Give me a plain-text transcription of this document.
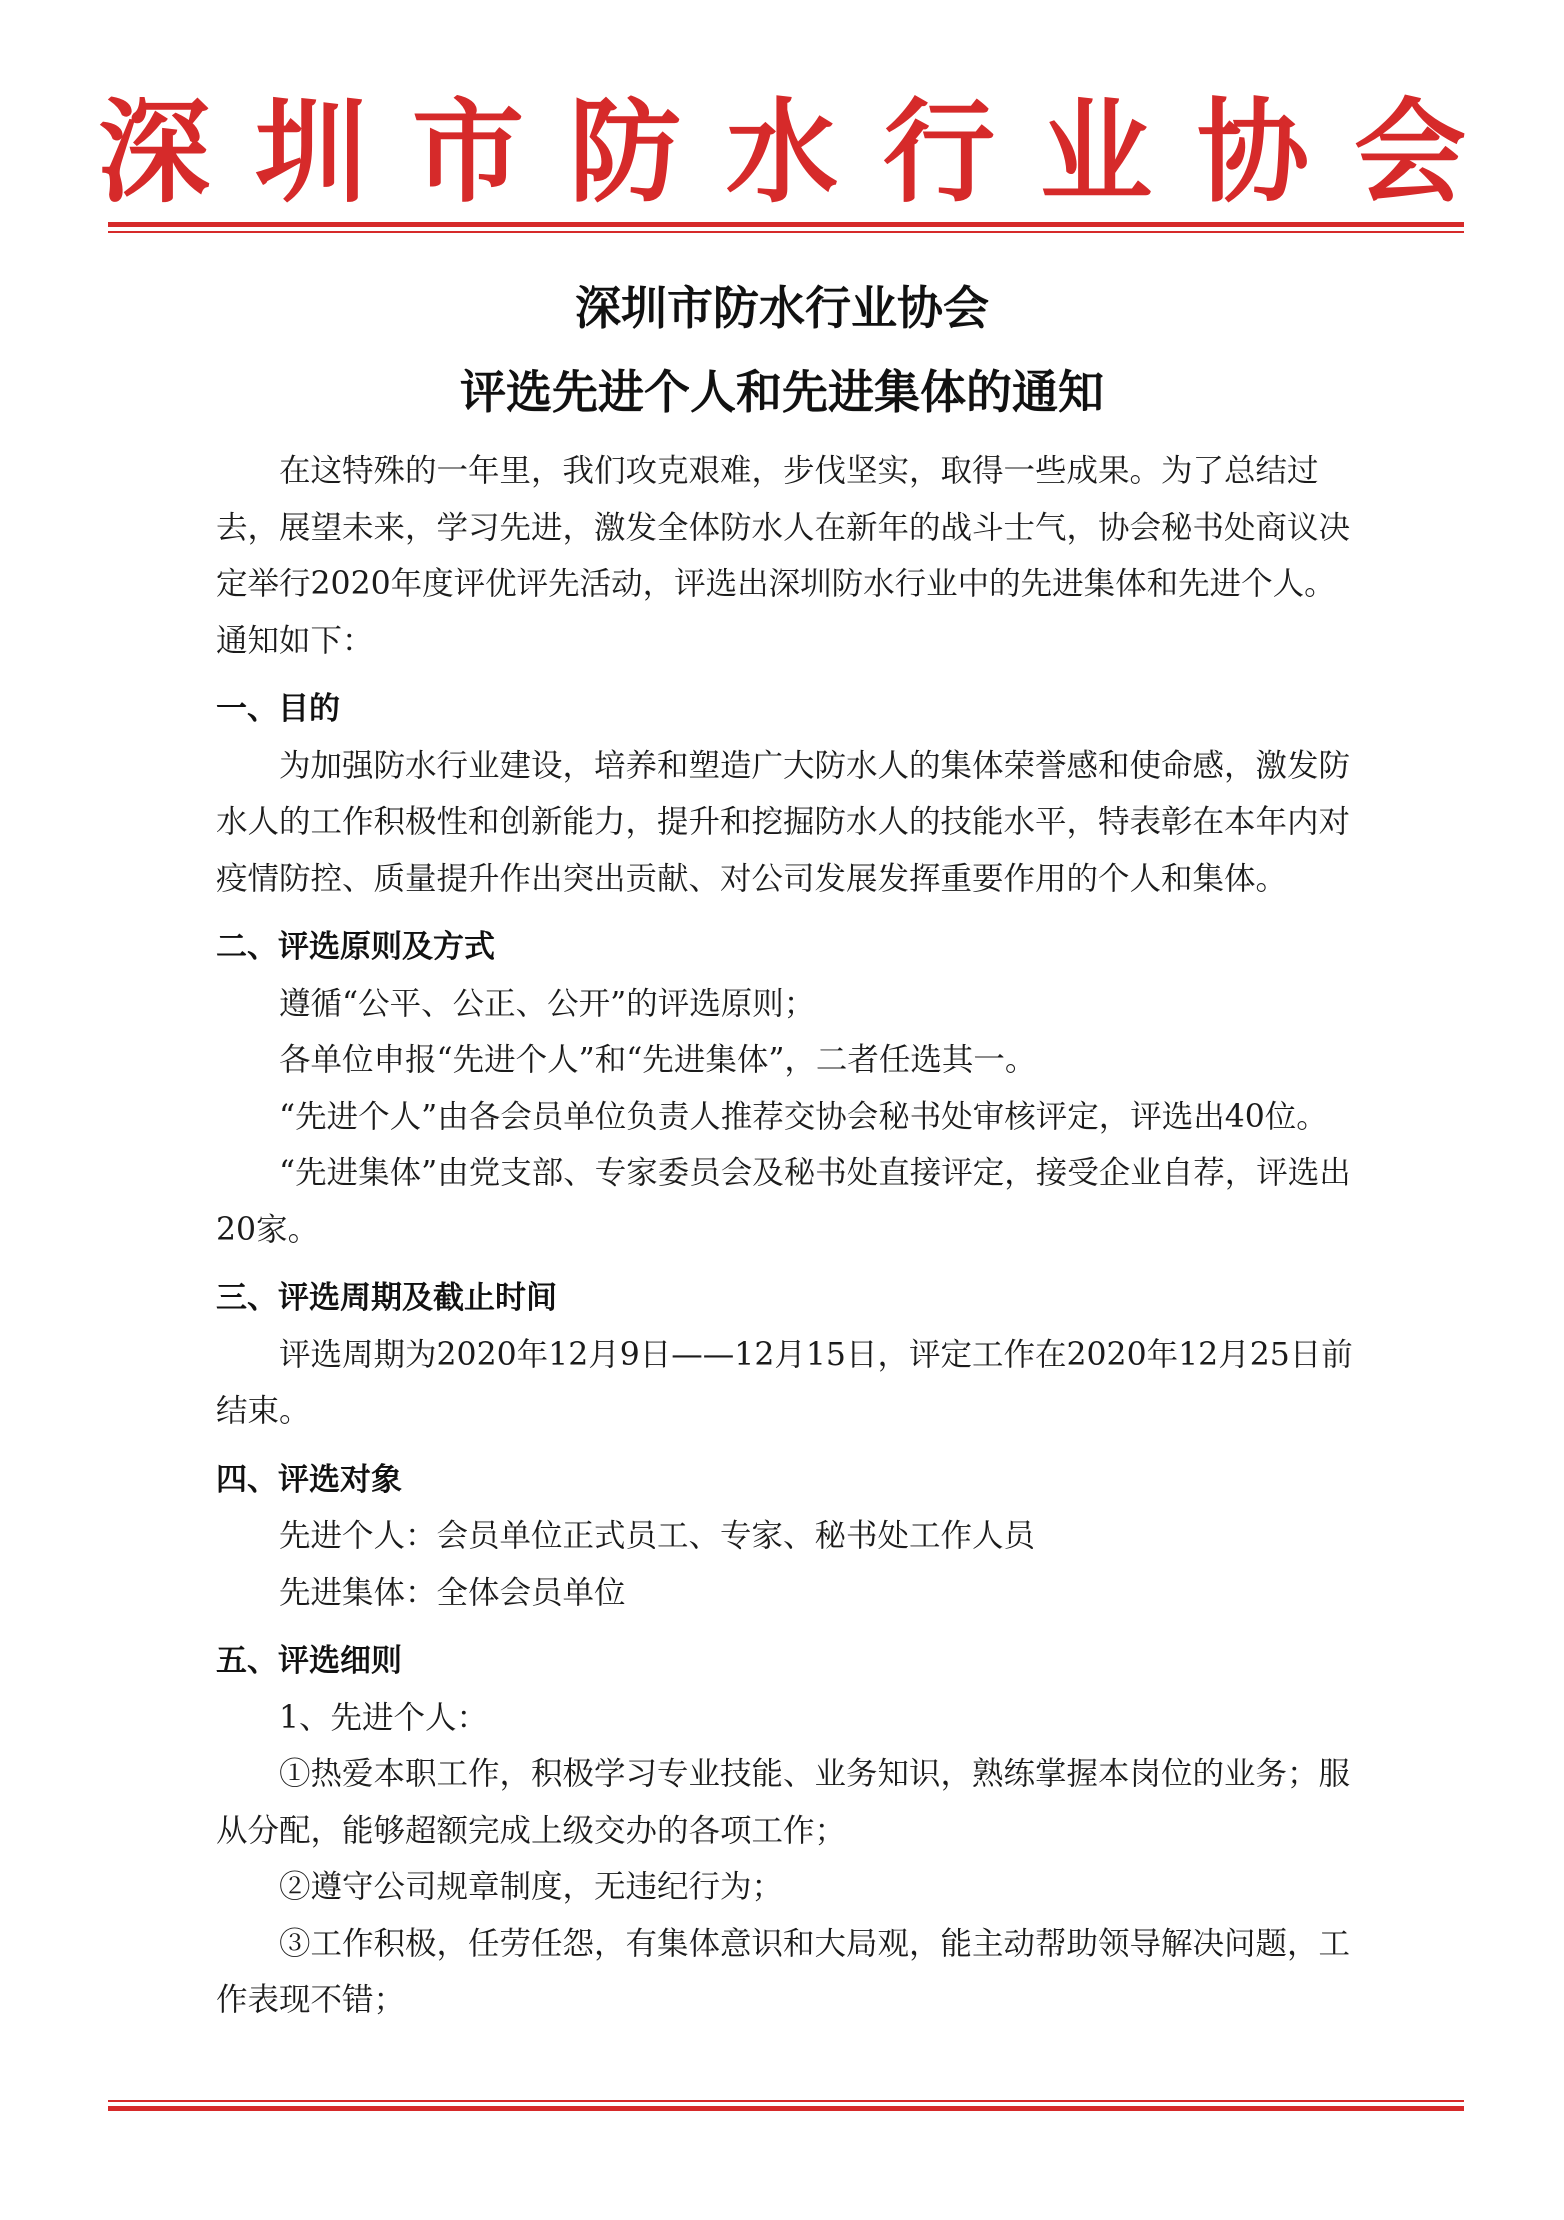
深圳市防水行业协会
深圳市防水行业协会
评选先进个人和先进集体的通知

在这特殊的一年里，我们攻克艰难，步伐坚实，取得一些成果。为了总结过去，展望未来，学习先进，激发全体防水人在新年的战斗士气，协会秘书处商议决定举行2020年度评优评先活动，评选出深圳防水行业中的先进集体和先进个人。通知如下：

一、目的

为加强防水行业建设，培养和塑造广大防水人的集体荣誉感和使命感，激发防水人的工作积极性和创新能力，提升和挖掘防水人的技能水平，特表彰在本年内对疫情防控、质量提升作出突出贡献、对公司发展发挥重要作用的个人和集体。

二、评选原则及方式

遵循“公平、公正、公开”的评选原则；

各单位申报“先进个人”和“先进集体”，二者任选其一。

“先进个人”由各会员单位负责人推荐交协会秘书处审核评定，评选出40位。

“先进集体”由党支部、专家委员会及秘书处直接评定，接受企业自荐，评选出20家。

三、评选周期及截止时间

评选周期为2020年12月9日——12月15日，评定工作在2020年12月25日前结束。

四、评选对象

先进个人：会员单位正式员工、专家、秘书处工作人员

先进集体：全体会员单位

五、评选细则

1、先进个人：

①热爱本职工作，积极学习专业技能、业务知识，熟练掌握本岗位的业务；服从分配，能够超额完成上级交办的各项工作；

②遵守公司规章制度，无违纪行为；

③工作积极，任劳任怨，有集体意识和大局观，能主动帮助领导解决问题，工作表现不错；
